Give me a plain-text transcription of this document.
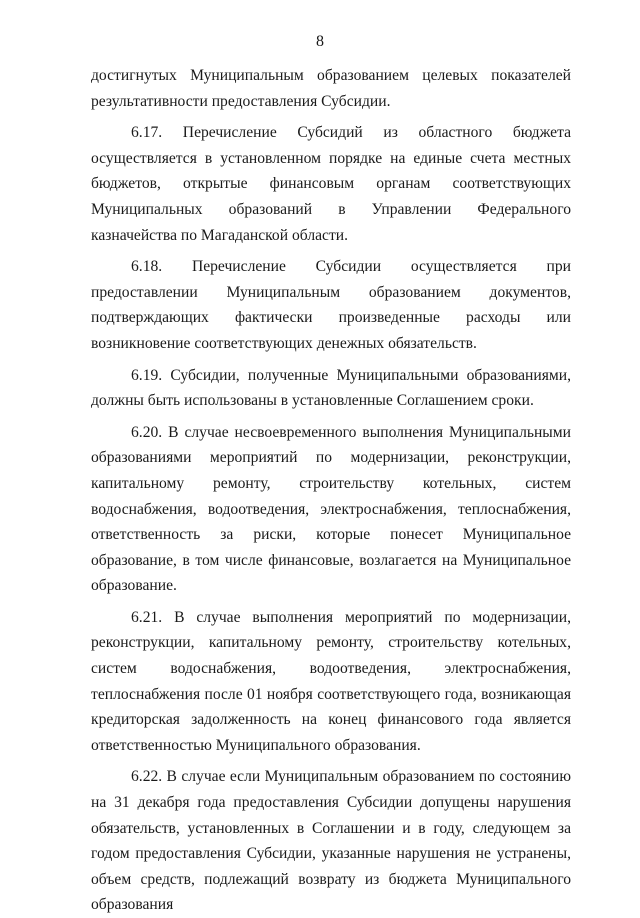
8

достигнутых Муниципальным образованием целевых показателей результативности предоставления Субсидии.

6.17. Перечисление Субсидий из областного бюджета осуществляется в установленном порядке на единые счета местных бюджетов, открытые финансовым органам соответствующих Муниципальных образований в Управлении Федерального казначейства по Магаданской области.

6.18. Перечисление Субсидии осуществляется при предоставлении Муниципальным образованием документов, подтверждающих фактически произведенные расходы или возникновение соответствующих денежных обязательств.

6.19. Субсидии, полученные Муниципальными образованиями, должны быть использованы в установленные Соглашением сроки.

6.20. В случае несвоевременного выполнения Муниципальными образованиями мероприятий по модернизации, реконструкции, капитальному ремонту, строительству котельных, систем водоснабжения, водоотведения, электроснабжения, теплоснабжения, ответственность за риски, которые понесет Муниципальное образование, в том числе финансовые, возлагается на Муниципальное образование.

6.21. В случае выполнения мероприятий по модернизации, реконструкции, капитальному ремонту, строительству котельных, систем водоснабжения, водоотведения, электроснабжения, теплоснабжения после 01 ноября соответствующего года, возникающая кредиторская задолженность на конец финансового года является ответственностью Муниципального образования.

6.22. В случае если Муниципальным образованием по состоянию на 31 декабря года предоставления Субсидии допущены нарушения обязательств, установленных в Соглашении и в году, следующем за годом предоставления Субсидии, указанные нарушения не устранены, объем средств, подлежащий возврату из бюджета Муниципального образования
